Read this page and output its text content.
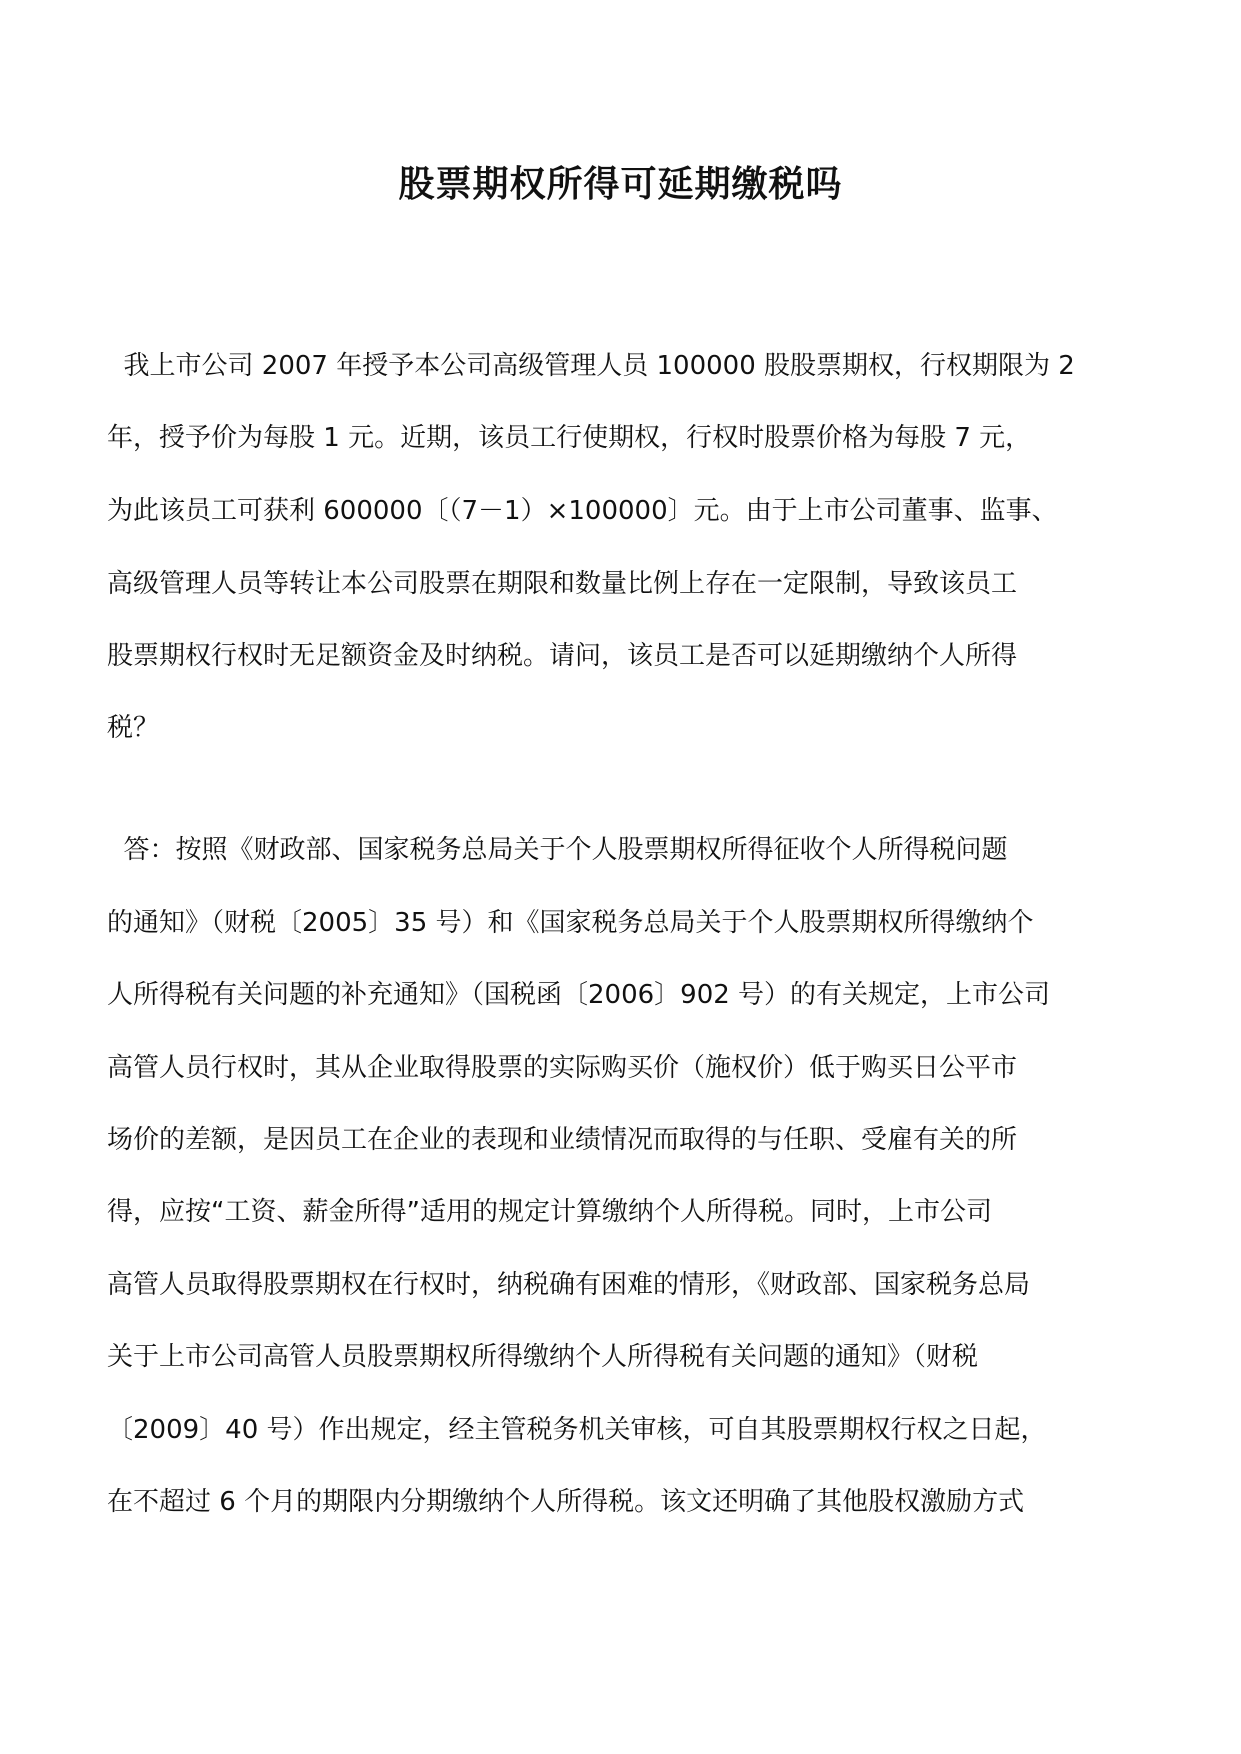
股票期权所得可延期缴税吗
我上市公司 2007 年授予本公司高级管理人员 100000 股股票期权，行权期限为 2
年，授予价为每股 1 元。近期，该员工行使期权，行权时股票价格为每股 7 元，
为此该员工可获利 600000〔（7－1）×100000〕元。由于上市公司董事、监事、
高级管理人员等转让本公司股票在期限和数量比例上存在一定限制，导致该员工
股票期权行权时无足额资金及时纳税。请问，该员工是否可以延期缴纳个人所得
税？
答：按照《财政部、国家税务总局关于个人股票期权所得征收个人所得税问题
的通知》（财税〔2005〕35 号）和《国家税务总局关于个人股票期权所得缴纳个
人所得税有关问题的补充通知》（国税函〔2006〕902 号）的有关规定，上市公司
高管人员行权时，其从企业取得股票的实际购买价（施权价）低于购买日公平市
场价的差额，是因员工在企业的表现和业绩情况而取得的与任职、受雇有关的所
得，应按“工资、薪金所得”适用的规定计算缴纳个人所得税。同时，上市公司
高管人员取得股票期权在行权时，纳税确有困难的情形，《财政部、国家税务总局
关于上市公司高管人员股票期权所得缴纳个人所得税有关问题的通知》（财税
〔2009〕40 号）作出规定，经主管税务机关审核，可自其股票期权行权之日起，
在不超过 6 个月的期限内分期缴纳个人所得税。该文还明确了其他股权激励方式
